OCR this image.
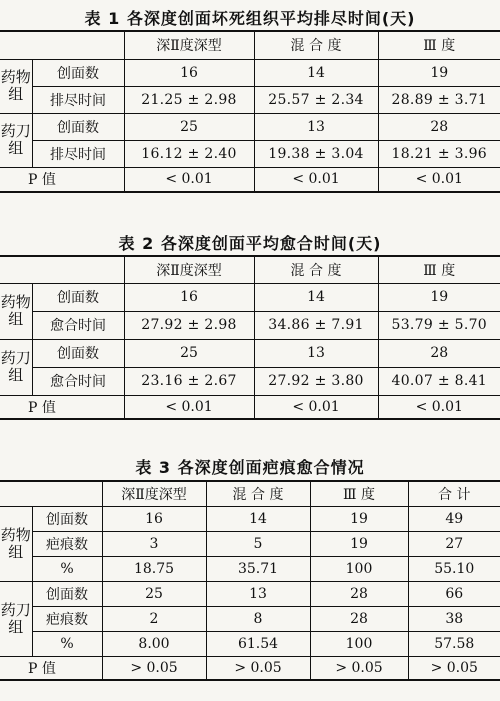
表 1 各深度创面坏死组织平均排尽时间(天)
		深Ⅱ度深型	混 合 度	Ⅲ 度
药物组	创面数	16	14	19
	排尽时间	21.25 ± 2.98	25.57 ± 2.34	28.89 ± 3.71
药刀组	创面数	25	13	28
	排尽时间	16.12 ± 2.40	19.38 ± 3.04	18.21 ± 3.96
P 值		< 0.01	< 0.01	< 0.01
表 2 各深度创面平均愈合时间(天)
		深Ⅱ度深型	混 合 度	Ⅲ 度
药物组	创面数	16	14	19
	愈合时间	27.92 ± 2.98	34.86 ± 7.91	53.79 ± 5.70
药刀组	创面数	25	13	28
	愈合时间	23.16 ± 2.67	27.92 ± 3.80	40.07 ± 8.41
P 值		< 0.01	< 0.01	< 0.01
表 3 各深度创面疤痕愈合情况
		深Ⅱ度深型	混 合 度	Ⅲ 度	合 计
药物组	创面数	16	14	19	49
	疤痕数	3	5	19	27
	%	18.75	35.71	100	55.10
药刀组	创面数	25	13	28	66
	疤痕数	2	8	28	38
	%	8.00	61.54	100	57.58
P 值		> 0.05	> 0.05	> 0.05	> 0.05
